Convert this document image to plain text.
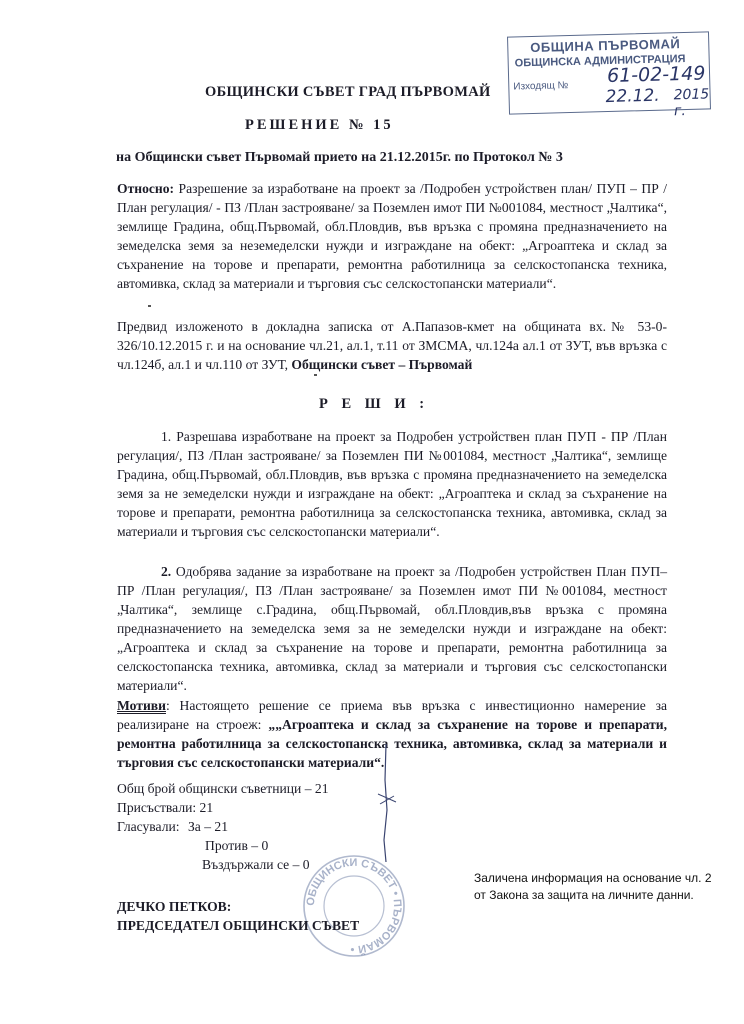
ОБЩИНА ПЪРВОМАЙ
ОБЩИНСКА АДМИНИСТРАЦИЯ
Изходящ № 61-02-149
22.12. 2015 г.
ОБЩИНСКИ СЪВЕТ ГРАД ПЪРВОМАЙ
РЕШЕНИЕ № 15
на Общински съвет Първомай прието на 21.12.2015г. по Протокол № 3
Относно: Разрешение за изработване на проект за /Подробен устройствен план/ ПУП – ПР /План регулация/ - ПЗ /План застрояване/ за Поземлен имот ПИ №001084, местност „Чалтика“, землище Градина, общ.Първомай, обл.Пловдив, във връзка с промяна предназначението на земеделска земя за неземеделски нужди и изграждане на обект: „Агроаптека и склад за съхранение на торове и препарати, ремонтна работилница за селскостопанска техника, автомивка, склад за материали и търговия със селскостопански материали“.
Предвид изложеното в докладна записка от А.Папазов-кмет на общината вх.№ 53-0-326/10.12.2015 г. и на основание чл.21, ал.1, т.11 от ЗМСМА, чл.124а ал.1 от ЗУТ, във връзка с чл.124б, ал.1 и чл.110 от ЗУТ, Общински съвет – Първомай
Р Е Ш И :
1. Разрешава изработване на проект за Подробен устройствен план ПУП - ПР /План регулация/, ПЗ /План застрояване/ за Поземлен ПИ №001084, местност „Чалтика“, землище Градина, общ.Първомай, обл.Пловдив, във връзка с промяна предназначението на земеделска земя за не земеделски нужди и изграждане на обект: „Агроаптека и склад за съхранение на торове и препарати, ремонтна работилница за селскостопанска техника, автомивка, склад за материали и търговия със селскостопански материали“.
2. Одобрява задание за изработване на проект за /Подробен устройствен План ПУП–ПР /План регулация/, ПЗ /План застрояване/ за Поземлен имот ПИ №001084, местност „Чалтика“, землище с.Градина, общ.Първомай, обл.Пловдив,във връзка с промяна предназначението на земеделска земя за не земеделски нужди и изграждане на обект: „Агроаптека и склад за съхранение на торове и препарати, ремонтна работилница за селскостопанска техника, автомивка, склад за материали и търговия със селскостопански материали“.
Мотиви: Настоящето решение се приема във връзка с инвестиционно намерение за реализиране на строеж: „„Агроаптека и склад за съхранение на торове и препарати, ремонтна работилница за селскостопанска техника, автомивка, склад за материали и търговия със селскостопански материали“.
Общ брой общински съветници – 21
Присъствали: 21
Гласували: За – 21
Против – 0
Въздържали се – 0
ОБЩИНСКИ СЪВЕТ • ПЪРВОМАЙ •
Заличена информация на основание чл. 2 от Закона за защита на личните данни.
ДЕЧКО ПЕТКОВ:
ПРЕДСЕДАТЕЛ ОБЩИНСКИ СЪВЕТ
